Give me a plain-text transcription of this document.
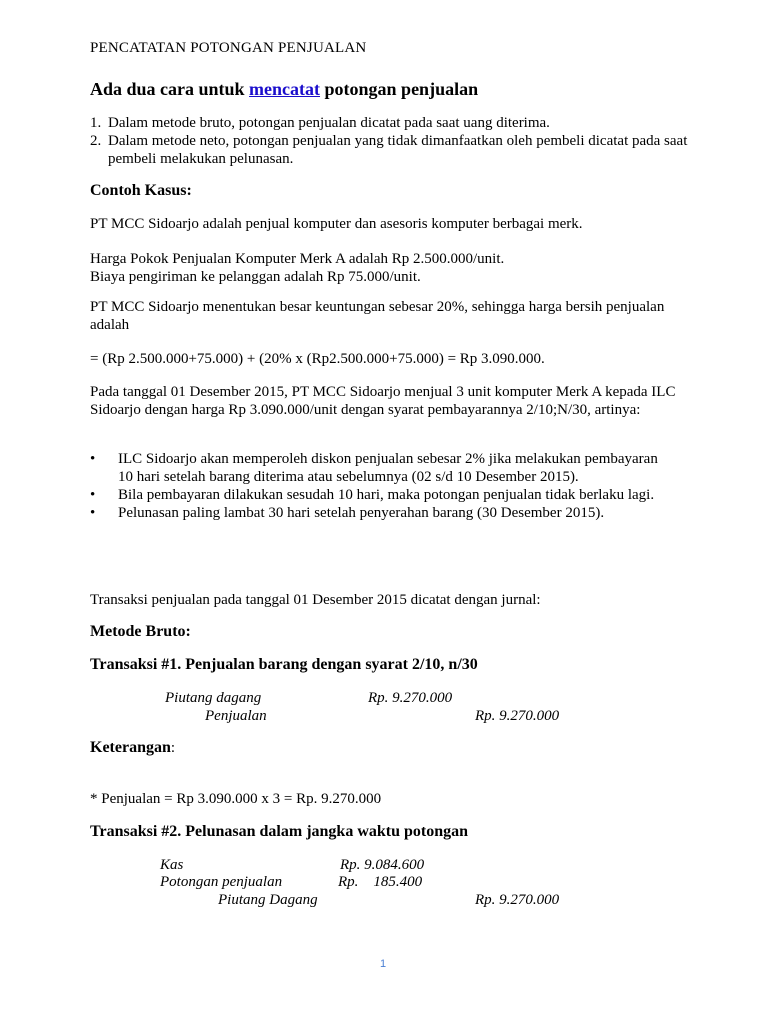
PENCATATAN POTONGAN PENJUALAN

Ada dua cara untuk mencatat potongan penjualan

1. Dalam metode bruto, potongan penjualan dicatat pada saat uang diterima.
2. Dalam metode neto, potongan penjualan yang tidak dimanfaatkan oleh pembeli dicatat pada saat pembeli melakukan pelunasan.

Contoh Kasus:

PT MCC Sidoarjo adalah penjual komputer dan asesoris komputer berbagai merk.

Harga Pokok Penjualan Komputer Merk A adalah Rp 2.500.000/unit.

Biaya pengiriman ke pelanggan adalah Rp 75.000/unit.

PT MCC Sidoarjo menentukan besar keuntungan sebesar 20%, sehingga harga bersih penjualan adalah

= (Rp 2.500.000+75.000) + (20% x (Rp2.500.000+75.000) = Rp 3.090.000.

Pada tanggal 01 Desember 2015, PT MCC Sidoarjo menjual 3 unit komputer Merk A kepada ILC Sidoarjo dengan harga Rp 3.090.000/unit dengan syarat pembayarannya 2/10;N/30, artinya:

• ILC Sidoarjo akan memperoleh diskon penjualan sebesar 2% jika melakukan pembayaran 10 hari setelah barang diterima atau sebelumnya (02 s/d 10 Desember 2015).
• Bila pembayaran dilakukan sesudah 10 hari, maka potongan penjualan tidak berlaku lagi.
• Pelunasan paling lambat 30 hari setelah penyerahan barang (30 Desember 2015).

Transaksi penjualan pada tanggal 01 Desember 2015 dicatat dengan jurnal:

Metode Bruto:

Transaksi #1. Penjualan barang dengan syarat 2/10, n/30

Piutang dagang	Rp. 9.270.000
Penjualan	Rp. 9.270.000

Keterangan:

* Penjualan = Rp 3.090.000 x 3 = Rp. 9.270.000

Transaksi #2. Pelunasan dalam jangka waktu potongan

Kas	Rp. 9.084.600
Potongan penjualan	Rp.    185.400
Piutang Dagang	Rp. 9.270.000
1
